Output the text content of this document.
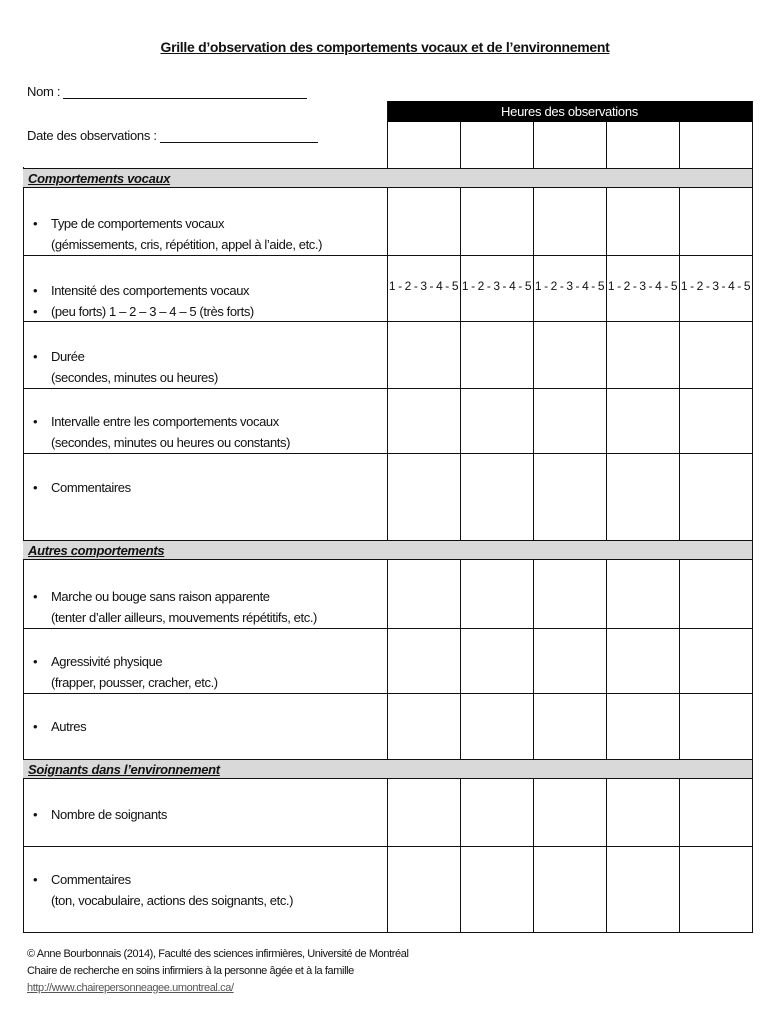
Grille d’observation des comportements vocaux et de l’environnement
Nom :
Date des observations :
Heures des observations
Comportements vocaux
Autres comportements
Soignants dans l’environnement
• Type de comportements vocaux
(gémissements, cris, répétition, appel à l’aide, etc.)
• Intensité des comportements vocaux
• (peu forts) 1 – 2 – 3 – 4 – 5 (très forts)
• Durée
(secondes, minutes ou heures)
• Intervalle entre les comportements vocaux
(secondes, minutes ou heures ou constants)
• Commentaires
1 - 2 - 3 - 4 - 5 1 - 2 - 3 - 4 - 5 1 - 2 - 3 - 4 - 5 1 - 2 - 3 - 4 - 5 1 - 2 - 3 - 4 - 5
• Marche ou bouge sans raison apparente
(tenter d’aller ailleurs, mouvements répétitifs, etc.)
• Agressivité physique
(frapper, pousser, cracher, etc.)
• Autres
• Nombre de soignants
• Commentaires
(ton, vocabulaire, actions des soignants, etc.)
© Anne Bourbonnais (2014), Faculté des sciences infirmières, Université de Montréal
Chaire de recherche en soins infirmiers à la personne âgée et à la famille
http://www.chairepersonneagee.umontreal.ca/
